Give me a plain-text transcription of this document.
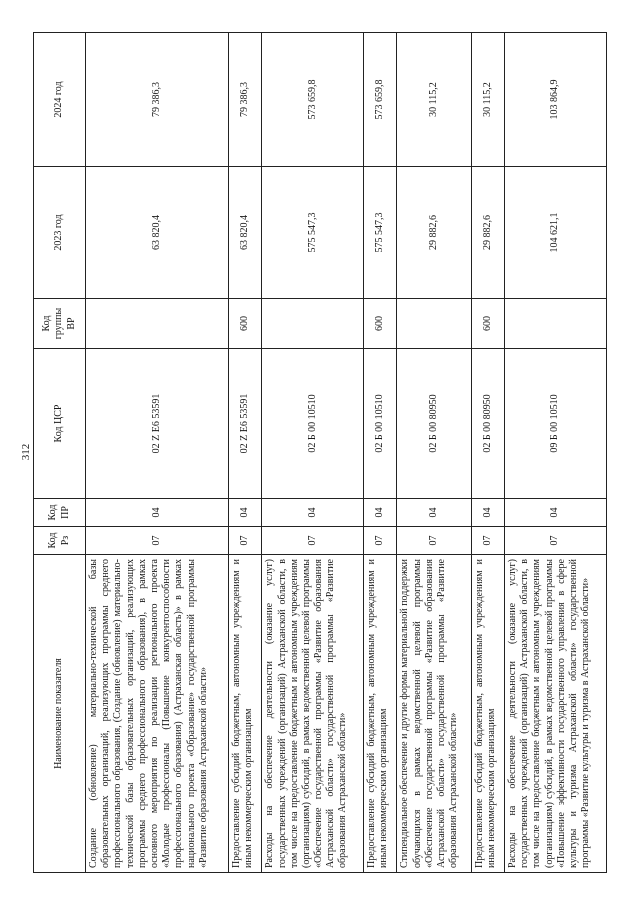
312
Наименование показателя	Код Рз	Код ПР	Код ЦСР	Код группы ВР	2023 год	2024 год
Создание (обновление) материально-технической базы образовательных организаций, реализующих программы среднего профессионального образования, (Создание (обновление) материально-технической базы образовательных организаций, реализующих программы среднего профессионального образования), в рамках основного мероприятия по реализации регионального проекта «Молодые профессионалы (Повышение конкурентоспособности профессионального образования) (Астраханская область)» в рамках национального проекта «Образование» государственной программы «Развитие образования Астраханской области»	07	04	02 Z E6 53591		63 820,4	79 386,3
Предоставление субсидий бюджетным, автономным учреждениям и иным некоммерческим организациям	07	04	02 Z E6 53591	600	63 820,4	79 386,3
Расходы на обеспечение деятельности (оказание услуг) государственных учреждений (организаций) Астраханской области, в том числе на предоставление бюджетным и автономным учреждениям (организациям) субсидий, в рамках ведомственной целевой программы «Обеспечение государственной программы «Развитие образования Астраханской области» государственной программы «Развитие образования Астраханской области»	07	04	02 Б 00 10510		575 547,3	573 659,8
Предоставление субсидий бюджетным, автономным учреждениям и иным некоммерческим организациям	07	04	02 Б 00 10510	600	575 547,3	573 659,8
Стипендиальное обеспечение и другие формы материальной поддержки обучающихся в рамках ведомственной целевой программы «Обеспечение государственной программы «Развитие образования Астраханской области» государственной программы «Развитие образования Астраханской области»	07	04	02 Б 00 80950		29 882,6	30 115,2
Предоставление субсидий бюджетным, автономным учреждениям и иным некоммерческим организациям	07	04	02 Б 00 80950	600	29 882,6	30 115,2
Расходы на обеспечение деятельности (оказание услуг) государственных учреждений (организаций) Астраханской области, в том числе на предоставление бюджетным и автономным учреждениям (организациям) субсидий, в рамках ведомственной целевой программы «Повышение эффективности государственного управления в сфере культуры и туризма Астраханской области» государственной программы «Развитие культуры и туризма в Астраханской области»	07	04	09 Б 00 10510		104 621,1	103 864,9
